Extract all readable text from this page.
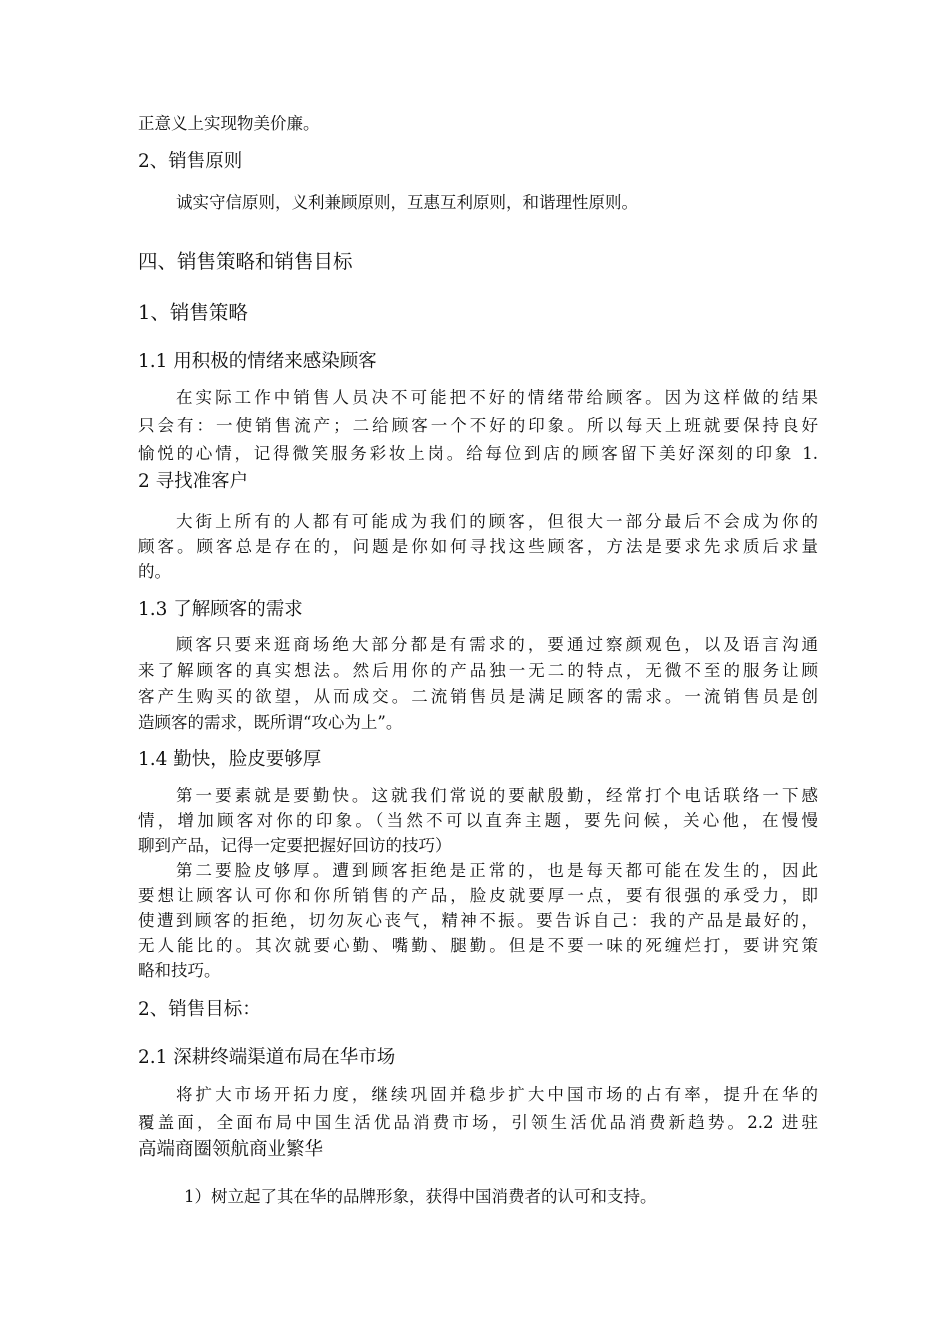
正意义上实现物美价廉。
2、销售原则
诚实守信原则，义利兼顾原则，互惠互利原则，和谐理性原则。
四、销售策略和销售目标
1、销售策略
1.1 用积极的情绪来感染顾客
在实际工作中销售人员决不可能把不好的情绪带给顾客。因为这样做的结果
只会有：一使销售流产；二给顾客一个不好的印象。所以每天上班就要保持良好
愉悦的心情，记得微笑服务彩妆上岗。给每位到店的顾客留下美好深刻的印象 1.
2 寻找准客户
大街上所有的人都有可能成为我们的顾客，但很大一部分最后不会成为你的
顾客。顾客总是存在的，问题是你如何寻找这些顾客，方法是要求先求质后求量
的。
1.3 了解顾客的需求
顾客只要来逛商场绝大部分都是有需求的，要通过察颜观色，以及语言沟通
来了解顾客的真实想法。然后用你的产品独一无二的特点，无微不至的服务让顾
客产生购买的欲望，从而成交。二流销售员是满足顾客的需求。一流销售员是创
造顾客的需求，既所谓“攻心为上”。
1.4 勤快，脸皮要够厚
第一要素就是要勤快。这就我们常说的要献殷勤，经常打个电话联络一下感
情，增加顾客对你的印象。（当然不可以直奔主题，要先问候，关心他，在慢慢
聊到产品，记得一定要把握好回访的技巧）
第二要脸皮够厚。遭到顾客拒绝是正常的，也是每天都可能在发生的，因此
要想让顾客认可你和你所销售的产品，脸皮就要厚一点，要有很强的承受力，即
使遭到顾客的拒绝，切勿灰心丧气，精神不振。要告诉自己：我的产品是最好的，
无人能比的。其次就要心勤、嘴勤、腿勤。但是不要一味的死缠烂打，要讲究策
略和技巧。
2、销售目标：
2.1 深耕终端渠道布局在华市场
将扩大市场开拓力度，继续巩固并稳步扩大中国市场的占有率，提升在华的
覆盖面，全面布局中国生活优品消费市场，引领生活优品消费新趋势。2.2 进驻
高端商圈领航商业繁华
1）树立起了其在华的品牌形象，获得中国消费者的认可和支持。
